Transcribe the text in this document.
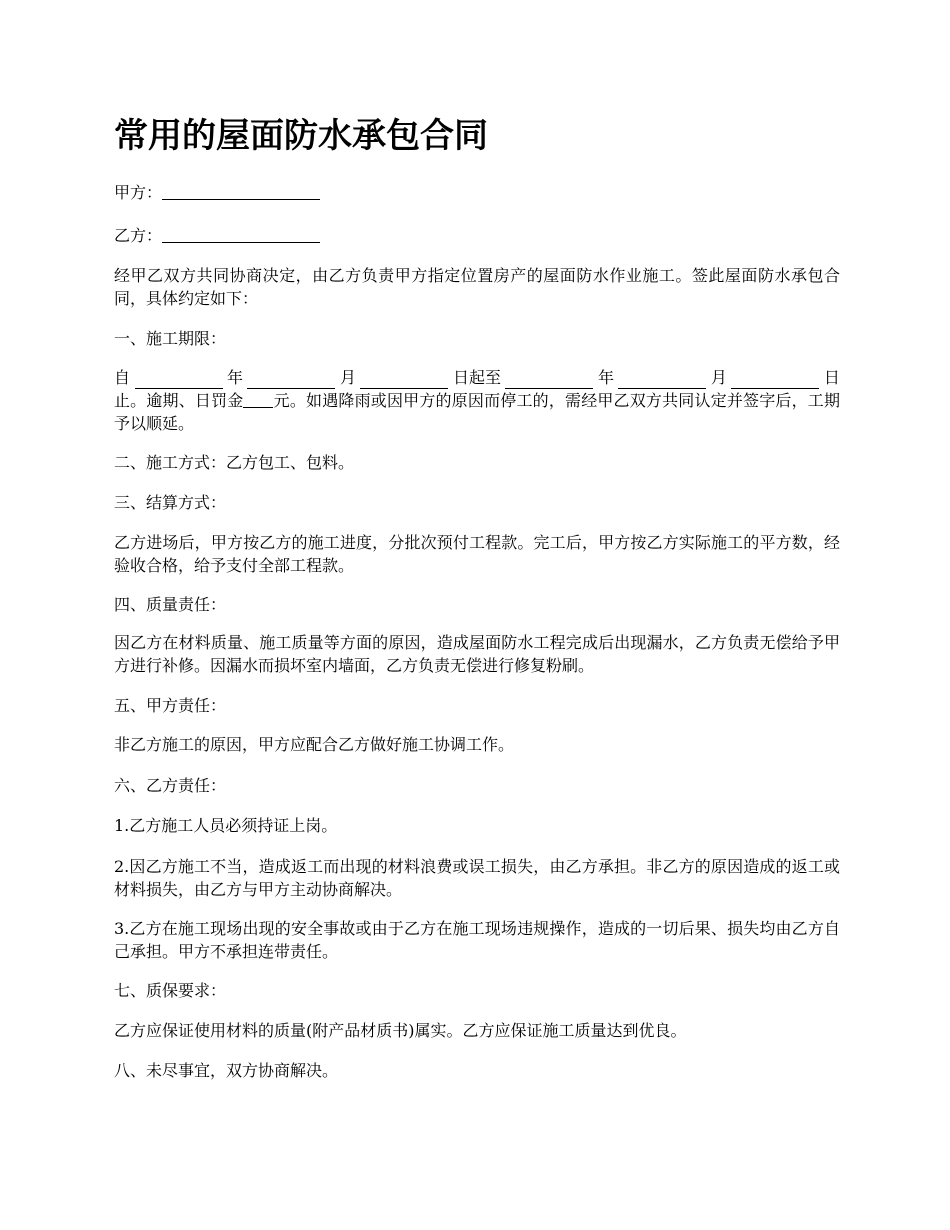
常用的屋面防水承包合同

甲方：

乙方：

经甲乙双方共同协商决定，由乙方负责甲方指定位置房产的屋面防水作业施工。签此屋面防水承包合同，具体约定如下：

一、施工期限：

自	年	月	日起至	年	月	日
止。逾期、日罚金 元。如遇降雨或因甲方的原因而停工的，需经甲乙双方共同认定并签字后，工期予以顺延。

二、施工方式：乙方包工、包料。

三、结算方式：

乙方进场后，甲方按乙方的施工进度，分批次预付工程款。完工后，甲方按乙方实际施工的平方数，经验收合格，给予支付全部工程款。

四、质量责任：

因乙方在材料质量、施工质量等方面的原因，造成屋面防水工程完成后出现漏水，乙方负责无偿给予甲方进行补修。因漏水而损坏室内墙面，乙方负责无偿进行修复粉刷。

五、甲方责任：

非乙方施工的原因，甲方应配合乙方做好施工协调工作。

六、乙方责任：

1.乙方施工人员必须持证上岗。

2.因乙方施工不当，造成返工而出现的材料浪费或误工损失，由乙方承担。非乙方的原因造成的返工或材料损失，由乙方与甲方主动协商解决。

3.乙方在施工现场出现的安全事故或由于乙方在施工现场违规操作，造成的一切后果、损失均由乙方自己承担。甲方不承担连带责任。

七、质保要求：

乙方应保证使用材料的质量(附产品材质书)属实。乙方应保证施工质量达到优良。

八、未尽事宜，双方协商解决。
